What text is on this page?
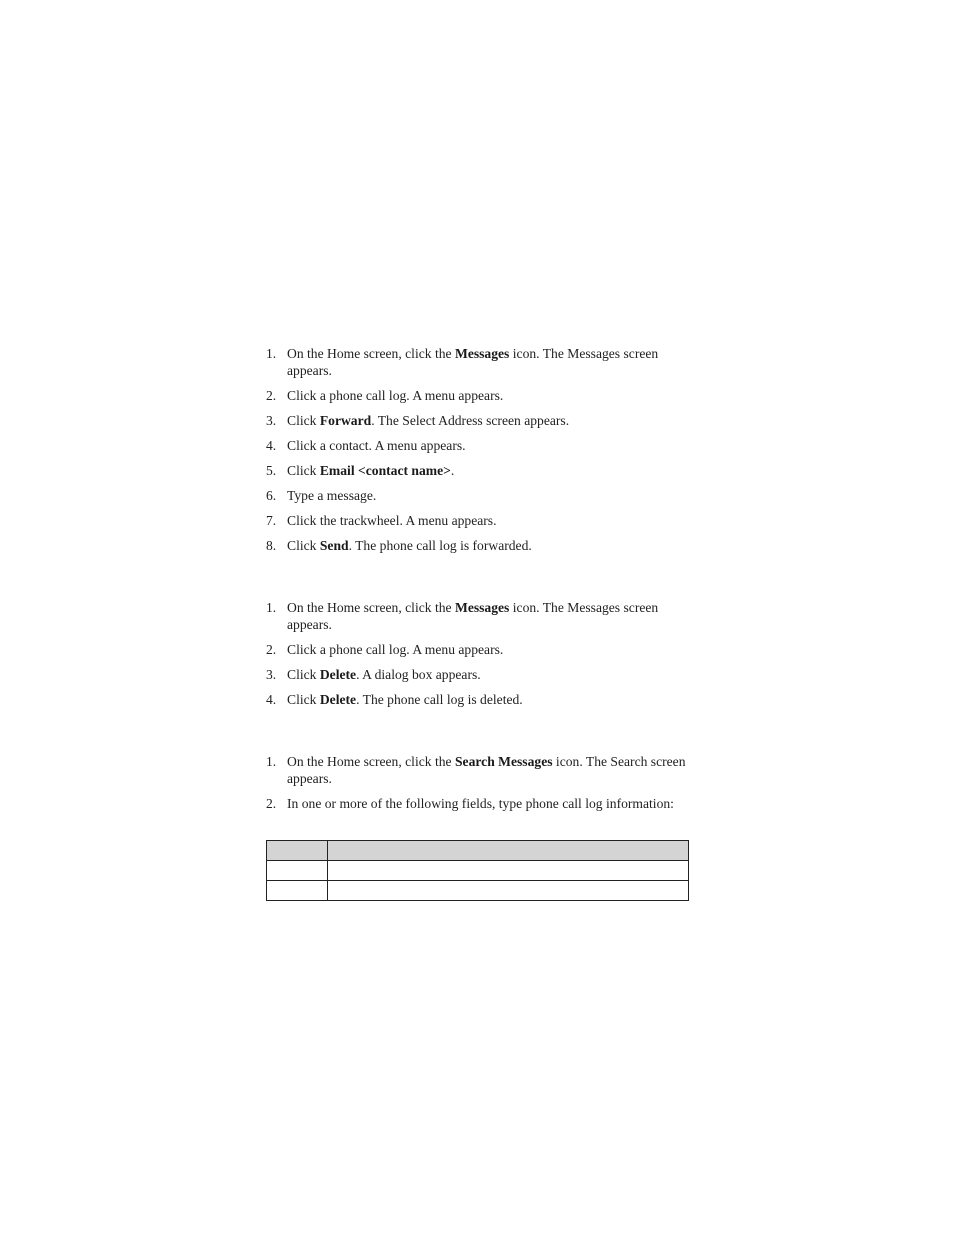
1. On the Home screen, click the Messages icon. The Messages screen appears.
2. Click a phone call log. A menu appears.
3. Click Forward. The Select Address screen appears.
4. Click a contact. A menu appears.
5. Click Email <contact name>.
6. Type a message.
7. Click the trackwheel. A menu appears.
8. Click Send. The phone call log is forwarded.
1. On the Home screen, click the Messages icon. The Messages screen appears.
2. Click a phone call log. A menu appears.
3. Click Delete. A dialog box appears.
4. Click Delete. The phone call log is deleted.
1. On the Home screen, click the Search Messages icon. The Search screen appears.
2. In one or more of the following fields, type phone call log information:
